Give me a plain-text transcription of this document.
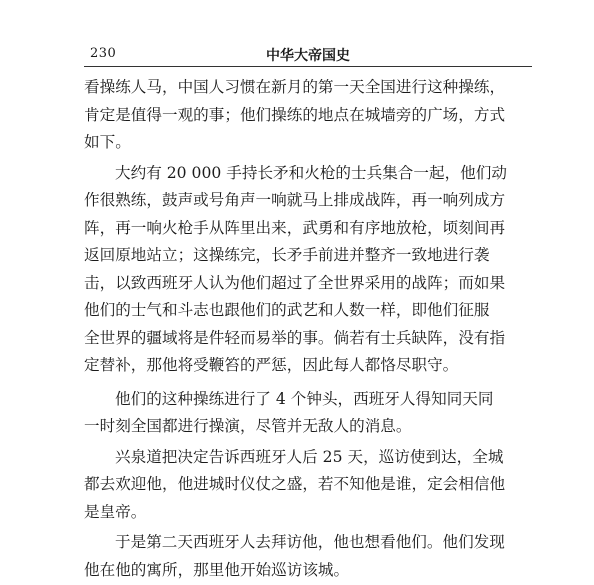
230	中华大帝国史
看操练人马，中国人习惯在新月的第一天全国进行这种操练，
肯定是值得一观的事；他们操练的地点在城墙旁的广场，方式
如下。
大约有 20 000 手持长矛和火枪的士兵集合一起，他们动
作很熟练，鼓声或号角声一响就马上排成战阵，再一响列成方
阵，再一响火枪手从阵里出来，武勇和有序地放枪，顷刻间再
返回原地站立；这操练完，长矛手前进并整齐一致地进行袭
击，以致西班牙人认为他们超过了全世界采用的战阵；而如果
他们的士气和斗志也跟他们的武艺和人数一样，即他们征服
全世界的疆域将是件轻而易举的事。倘若有士兵缺阵，没有指
定替补，那他将受鞭笞的严惩，因此每人都恪尽职守。
他们的这种操练进行了 4 个钟头，西班牙人得知同天同
一时刻全国都进行操演，尽管并无敌人的消息。
兴泉道把决定告诉西班牙人后 25 天，巡访使到达，全城
都去欢迎他，他进城时仪仗之盛，若不知他是谁，定会相信他
是皇帝。
于是第二天西班牙人去拜访他，他也想看他们。他们发现
他在他的寓所，那里他开始巡访该城。
